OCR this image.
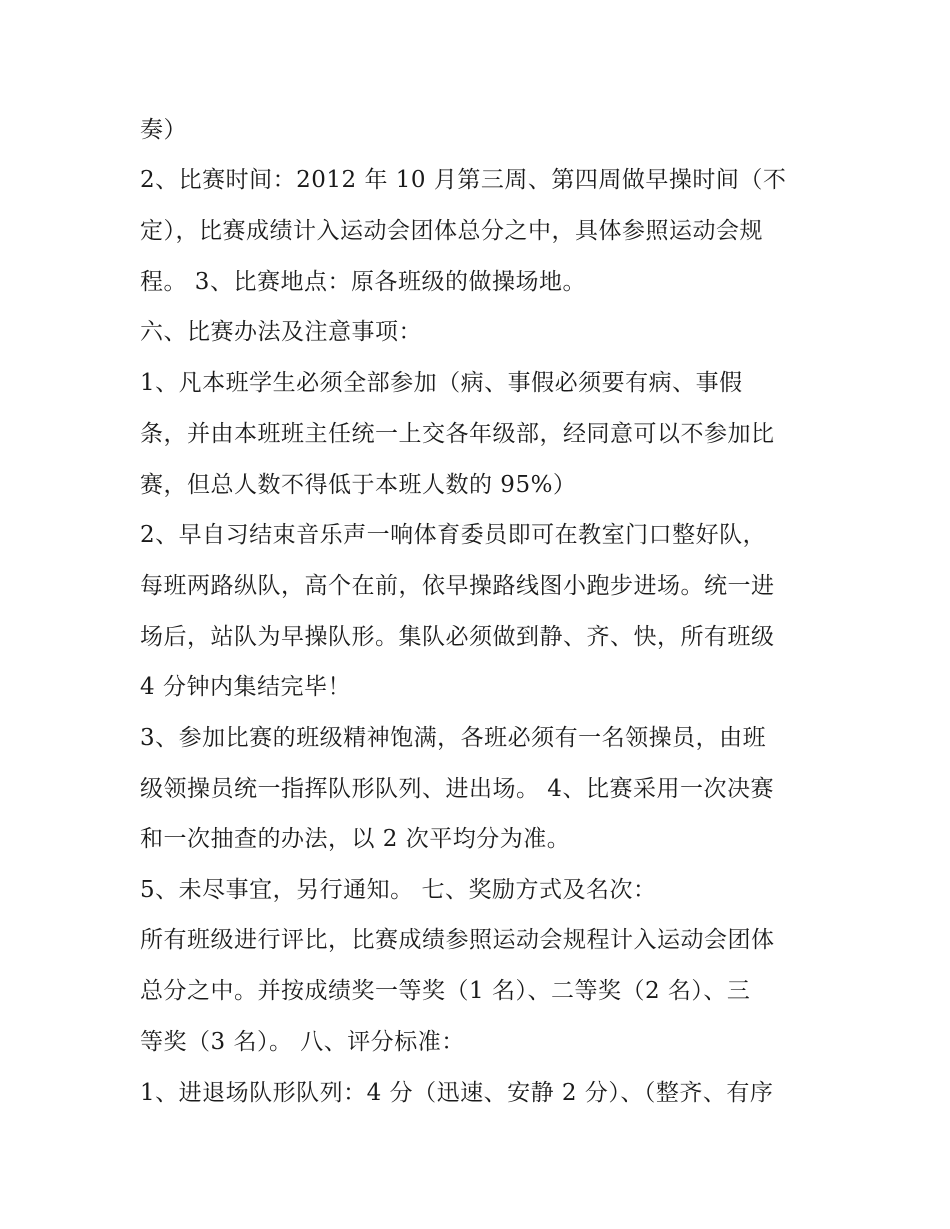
奏）
2、比赛时间：2012 年 10 月第三周、第四周做早操时间（不
定），比赛成绩计入运动会团体总分之中，具体参照运动会规
程。 3、比赛地点：原各班级的做操场地。
六、比赛办法及注意事项：
1、凡本班学生必须全部参加（病、事假必须要有病、事假
条，并由本班班主任统一上交各年级部，经同意可以不参加比
赛，但总人数不得低于本班人数的 95%）
2、早自习结束音乐声一响体育委员即可在教室门口整好队，
每班两路纵队，高个在前，依早操路线图小跑步进场。统一进
场后，站队为早操队形。集队必须做到静、齐、快，所有班级
4 分钟内集结完毕！
3、参加比赛的班级精神饱满，各班必须有一名领操员，由班
级领操员统一指挥队形队列、进出场。 4、比赛采用一次决赛
和一次抽查的办法，以 2 次平均分为准。
5、未尽事宜，另行通知。 七、奖励方式及名次：
所有班级进行评比，比赛成绩参照运动会规程计入运动会团体
总分之中。并按成绩奖一等奖（1 名）、二等奖（2 名）、三
等奖（3 名）。 八、评分标准：
1、进退场队形队列：4 分（迅速、安静 2 分）、（整齐、有序
